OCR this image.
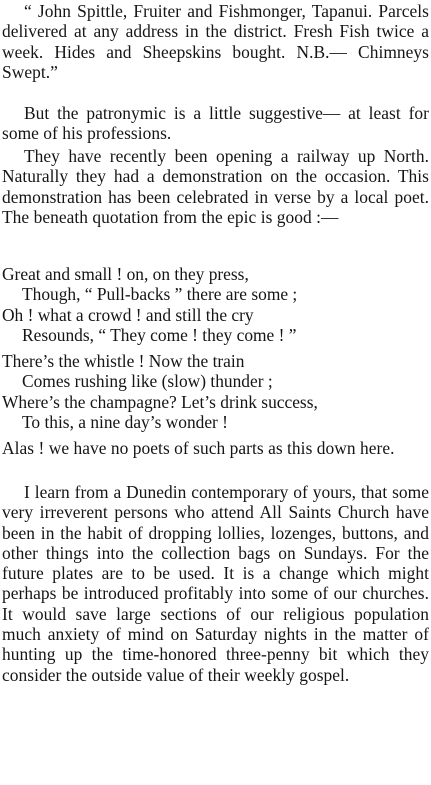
“ John Spittle, Fruiter and Fishmonger, Tapanui. Parcels delivered at any address in the district. Fresh Fish twice a week. Hides and Sheepskins bought. N.B.— Chimneys Swept.”

But the patronymic is a little suggestive— at least for some of his professions.

They have recently been opening a railway up North. Naturally they had a demonstration on the occasion. This demonstration has been celebrated in verse by a local poet. The beneath quotation from the epic is good :—

Great and small ! on, on they press,
Though, “ Pull-backs ” there are some ;
Oh ! what a crowd ! and still the cry
Resounds, “ They come ! they come ! ”
There’s the whistle ! Now the train
Comes rushing like (slow) thunder ;
Where’s the champagne? Let’s drink success,
To this, a nine day’s wonder !

Alas ! we have no poets of such parts as this down here.

I learn from a Dunedin contemporary of yours, that some very irreverent persons who attend All Saints Church have been in the habit of dropping lollies, lozenges, buttons, and other things into the collection bags on Sundays. For the future plates are to be used. It is a change which might perhaps be introduced profitably into some of our churches. It would save large sections of our religious population much anxiety of mind on Saturday nights in the matter of hunting up the time-honored three-penny bit which they consider the outside value of their weekly gospel.
